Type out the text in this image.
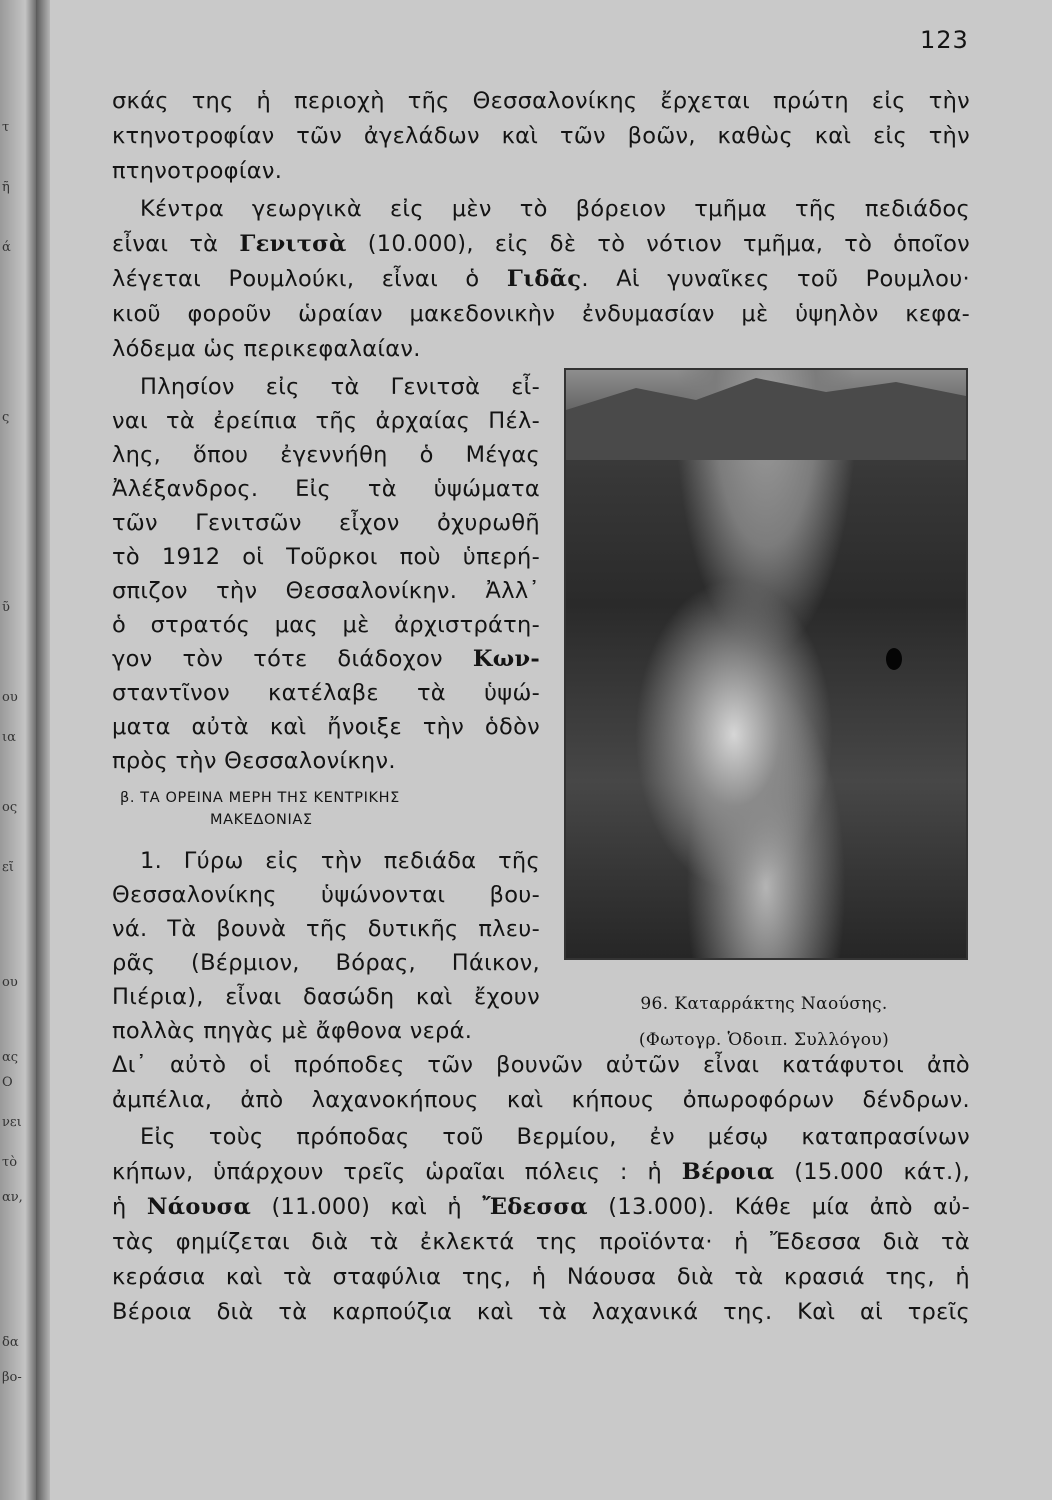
τ
ῆ
ά
ς
ῦ
ου
ια
ος
εῖ
ου
ας
Ο
νει
τὸ
αν,
δα
βο-
123
σκάς της ἡ περιοχὴ τῆς Θεσσαλονίκης ἔρχεται πρώτη εἰς τὴν
κτηνοτροφίαν τῶν ἀγελάδων καὶ τῶν βοῶν, καθὼς καὶ εἰς τὴν
πτηνοτροφίαν.
Κέντρα γεωργικὰ εἰς μὲν τὸ βόρειον τμῆμα τῆς πεδιάδος
εἶναι τὰ Γενιτσὰ (10.000), εἰς δὲ τὸ νότιον τμῆμα, τὸ ὁποῖον
λέγεται Ρουμλούκι, εἶναι ὁ Γιδᾶς. Αἱ γυναῖκες τοῦ Ρουμλου·
κιοῦ φοροῦν ὡραίαν μακεδονικὴν ἐνδυμασίαν μὲ ὑψηλὸν κεφα-
λόδεμα ὡς περικεφαλαίαν.
Πλησίον εἰς τὰ Γενιτσὰ εἶ-
ναι τὰ ἐρείπια τῆς ἀρχαίας Πέλ-
λης, ὅπου ἐγεννήθη ὁ Μέγας
Ἀλέξανδρος. Εἰς τὰ ὑψώματα
τῶν Γενιτσῶν εἶχον ὀχυρωθῆ
τὸ 1912 οἱ Τοῦρκοι ποὺ ὑπερή-
σπιζον τὴν Θεσσαλονίκην. Ἀλλ᾿
ὁ στρατός μας μὲ ἀρχιστράτη-
γον τὸν τότε διάδοχον Κων-
σταντῖνον κατέλαβε τὰ ὑψώ-
ματα αὐτὰ καὶ ἤνοιξε τὴν ὁδὸν
πρὸς τὴν Θεσσαλονίκην.
β. ΤΑ ΟΡΕΙΝΑ ΜΕΡΗ ΤΗΣ ΚΕΝΤΡΙΚΗΣ
ΜΑΚΕΔΟΝΙΑΣ
1. Γύρω εἰς τὴν πεδιάδα τῆς
Θεσσαλονίκης ὑψώνονται βου-
νά. Τὰ βουνὰ τῆς δυτικῆς πλευ-
ρᾶς (Βέρμιον, Βόρας, Πάικον,
Πιέρια), εἶναι δασώδη καὶ ἔχουν
πολλὰς πηγὰς μὲ ἄφθονα νερά.
96. Καταρράκτης Ναούσης.
(Φωτογρ. Ὁδοιπ. Συλλόγου)
Δι᾿ αὐτὸ οἱ πρόποδες τῶν βουνῶν αὐτῶν εἶναι κατάφυτοι ἀπὸ
ἀμπέλια, ἀπὸ λαχανοκήπους καὶ κήπους ὀπωροφόρων δένδρων.
Εἰς τοὺς πρόποδας τοῦ Βερμίου, ἐν μέσῳ καταπρασίνων
κήπων, ὑπάρχουν τρεῖς ὡραῖαι πόλεις : ἡ Βέροια (15.000 κάτ.),
ἡ Νάουσα (11.000) καὶ ἡ Ἔδεσσα (13.000). Κάθε μία ἀπὸ αὐ-
τὰς φημίζεται διὰ τὰ ἐκλεκτά της προϊόντα· ἡ Ἔδεσσα διὰ τὰ
κεράσια καὶ τὰ σταφύλια της, ἡ Νάουσα διὰ τὰ κρασιά της, ἡ
Βέροια διὰ τὰ καρπούζια καὶ τὰ λαχανικά της. Καὶ αἱ τρεῖς
